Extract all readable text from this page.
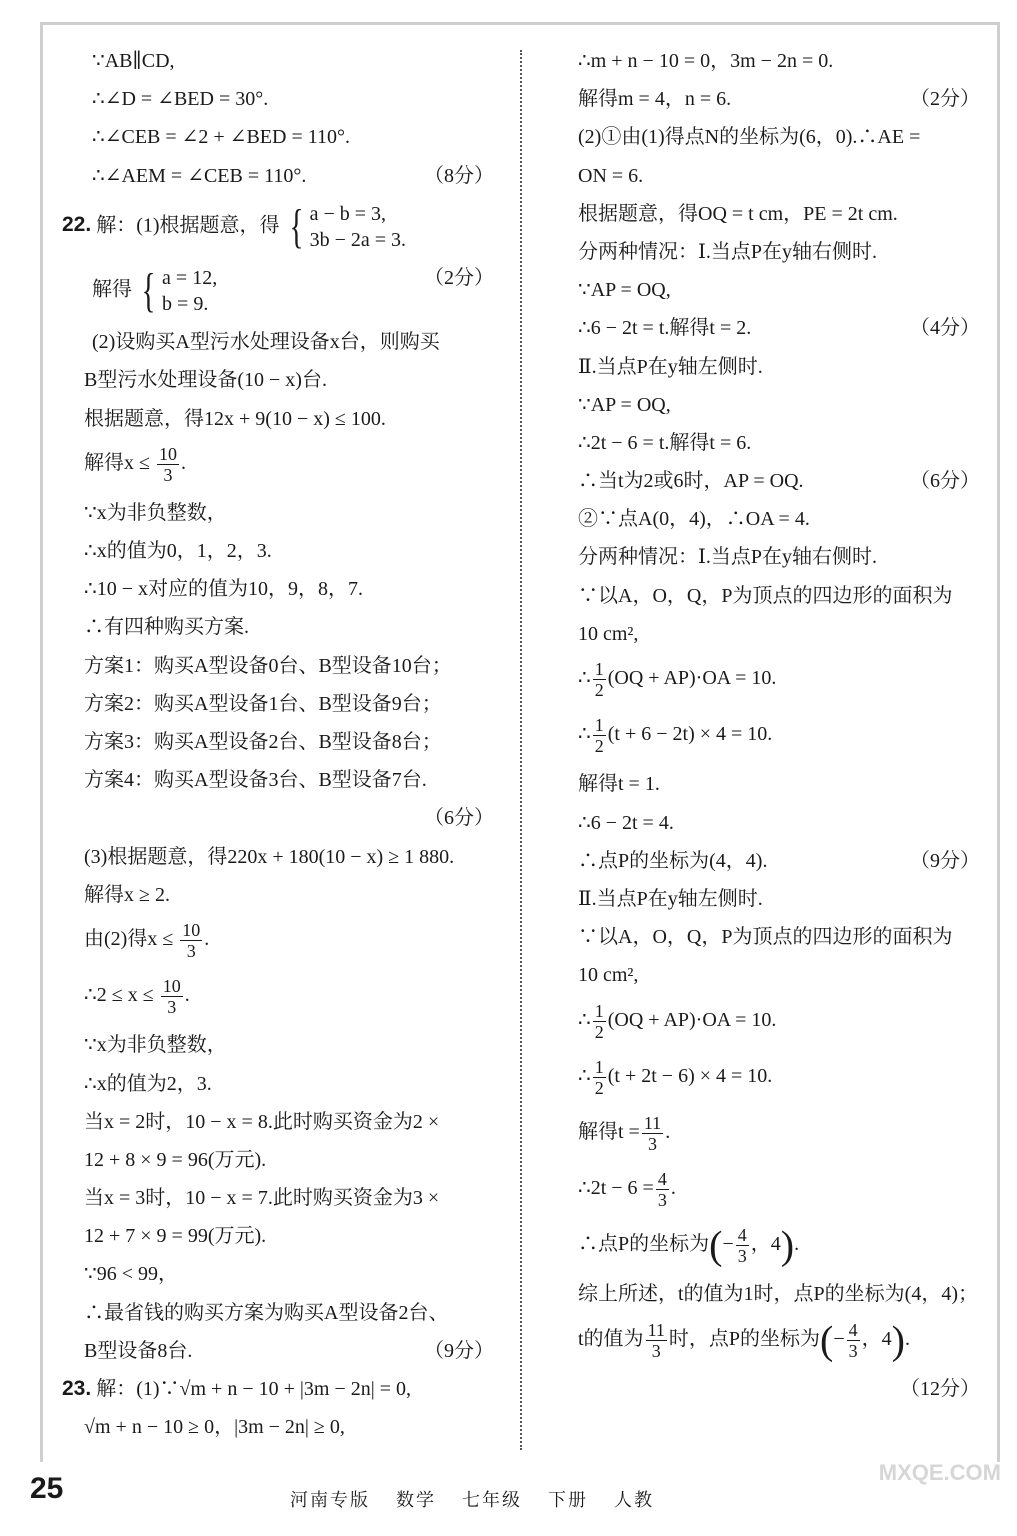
∵AB∥CD,
∴∠D = ∠BED = 30°.
∴∠CEB = ∠2 + ∠BED = 110°.
∴∠AEM = ∠CEB = 110°.	（8分）
22. 解：(1)根据题意，得 { a − b = 3,
3b − 2a = 3.
解得 { a = 12,
b = 9.
（2分）
(2)设购买A型污水处理设备x台，则购买
B型污水处理设备(10 − x)台.
根据题意，得12x + 9(10 − x) ≤ 100.
解得$x \le \frac{10}{3}$ .
∵x为非负整数，
∴x的值为0，1，2，3.
∴10 − x对应的值为10，9，8，7.
∴有四种购买方案.
方案1：购买A型设备0台、B型设备10台；
方案2：购买A型设备1台、B型设备9台；
方案3：购买A型设备2台、B型设备8台；
方案4：购买A型设备3台、B型设备7台.
（6分）
(3)根据题意，得220x + 180(10 − x) ≥ 1 880.
解得x ≥ 2.
由(2)得$x \le \frac{10}{3}$ .
∴2 ≤ $x \le \frac{10}{3}$ .
∵x为非负整数，
∴x的值为2，3.
当x = 2时，10 − x = 8.此时购买资金为2 ×
12 + 8 × 9 = 96(万元).
当x = 3时，10 − x = 7.此时购买资金为3 ×
12 + 7 × 9 = 99(万元).
∵96 < 99，
∴最省钱的购买方案为购买A型设备2台、
B型设备8台.	（9分）
23. 解：(1)∵√m + n − 10 + |3m − 2n| = 0,
√m + n − 10 ≥ 0，|3m − 2n| ≥ 0,
∴m + n − 10 = 0，3m − 2n = 0.
解得m = 4，n = 6.	（2分）
(2)①由(1)得点N的坐标为(6，0).∴AE =
ON = 6.
根据题意，得OQ = t cm，PE = 2t cm.
分两种情况：Ⅰ.当点P在y轴右侧时.
∵AP = OQ,
∴6 − 2t = t.解得t = 2.	（4分）
Ⅱ.当点P在y轴左侧时.
∵AP = OQ,
∴2t − 6 = t.解得t = 6.
∴当t为2或6时，AP = OQ.	（6分）
②∵点A(0，4)，∴OA = 4.
分两种情况：Ⅰ.当点P在y轴右侧时.
∵以A，O，Q，P为顶点的四边形的面积为
10 cm²,
∴ $\frac{1}{2} (OQ + AP)\cdot OA = 10$.
∴ $\frac{1}{2} (t + 6 - 2t) \times 4 = 10$.
解得t = 1.
∴6 − 2t = 4.
∴点P的坐标为(4，4).	（9分）
Ⅱ.当点P在y轴左侧时.
∵以A，O，Q，P为顶点的四边形的面积为
10 cm²,
∴ $\frac{1}{2} (OQ + AP)\cdot OA = 10$.
∴ $\frac{1}{2} (t + 2t - 6) \times 4 = 10$.
解得$t = \frac{11}{3}$ .
∴2t − $6 = \frac{4}{3}$ .
∴点P的坐标为(− $\frac{4}{3}$ ，4).
综上所述，t的值为1时，点P的坐标为(4，4)；
t的值为 $\frac{11}{3}$ 时，点P的坐标为(− $\frac{4}{3}$ ，4).
（12分）
25	河南专版 数学 七年级 下册 人教
MXQE.COM
